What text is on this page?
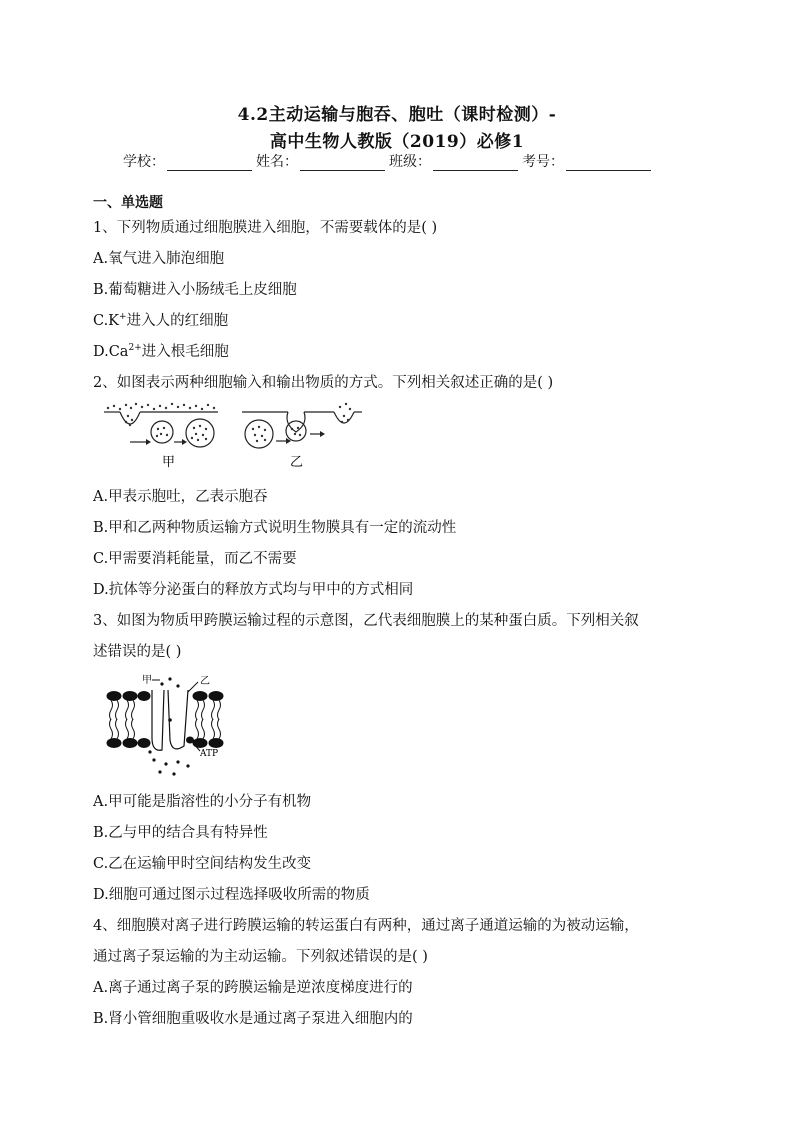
4.2主动运输与胞吞、胞吐（课时检测）-
高中生物人教版（2019）必修1
学校：	姓名：	班级：	考号：
一、单选题
1、下列物质通过细胞膜进入细胞，不需要载体的是( )
A.氧气进入肺泡细胞
B.葡萄糖进入小肠绒毛上皮细胞
C.K+进入人的红细胞
$D.Ca^{2+}$进入根毛细胞
2、如图表示两种细胞输入和输出物质的方式。下列相关叙述正确的是( )
甲	乙
A.甲表示胞吐，乙表示胞吞
B.甲和乙两种物质运输方式说明生物膜具有一定的流动性
C.甲需要消耗能量，而乙不需要
D.抗体等分泌蛋白的释放方式均与甲中的方式相同
3、如图为物质甲跨膜运输过程的示意图，乙代表细胞膜上的某种蛋白质。下列相关叙
述错误的是( )
甲	乙
ATP
A.甲可能是脂溶性的小分子有机物
B.乙与甲的结合具有特异性
C.乙在运输甲时空间结构发生改变
D.细胞可通过图示过程选择吸收所需的物质
4、细胞膜对离子进行跨膜运输的转运蛋白有两种，通过离子通道运输的为被动运输，
通过离子泵运输的为主动运输。下列叙述错误的是( )
A.离子通过离子泵的跨膜运输是逆浓度梯度进行的
B.肾小管细胞重吸收水是通过离子泵进入细胞内的
